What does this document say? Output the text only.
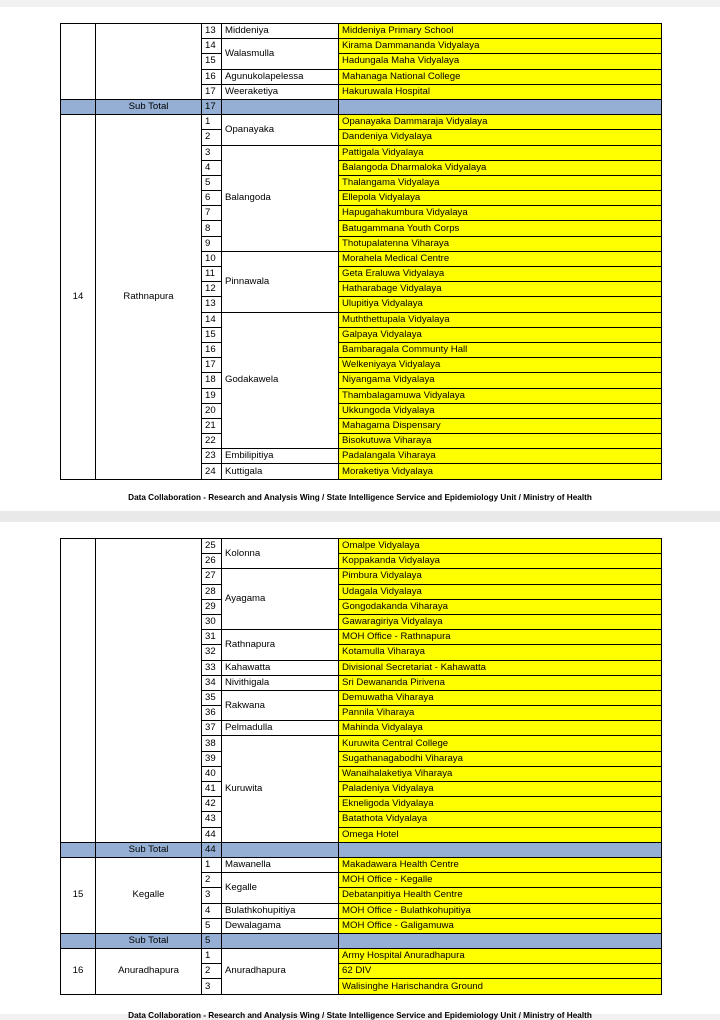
		13	Middeniya	Middeniya Primary School
		14	Walasmulla	Kirama Dammananda Vidyalaya
		15		Hadungala Maha Vidyalaya
		16	Agunukolapelessa	Mahanaga National College
		17	Weeraketiya	Hakuruwala Hospital
	Sub Total	17		
14	Rathnapura	1	Opanayaka	Opanayaka Dammaraja Vidyalaya
		2		Dandeniya Vidyalaya
		3	Balangoda	Pattigala Vidyalaya
		4		Balangoda Dharmaloka Vidyalaya
		5		Thalangama Vidyalaya
		6		Ellepola Vidyalaya
		7		Hapugahakumbura Vidyalaya
		8		Batugammana Youth Corps
		9		Thotupalatenna Viharaya
		10	Pinnawala	Morahela Medical Centre
		11		Geta Eraluwa Vidyalaya
		12		Hatharabage Vidyalaya
		13		Ulupitiya Vidyalaya
		14	Godakawela	Muththettupala Vidyalaya
		15		Galpaya Vidyalaya
		16		Bambaragala Communty Hall
		17		Welkeniyaya Vidyalaya
		18		Niyangama Vidyalaya
		19		Thambalagamuwa Vidyalaya
		20		Ukkungoda Vidyalaya
		21		Mahagama Dispensary
		22		Bisokutuwa Viharaya
		23	Embilipitiya	Padalangala Viharaya
		24	Kuttigala	Moraketiya Vidyalaya
Data Collaboration - Research and Analysis Wing / State Intelligence Service and Epidemiology Unit / Ministry of Health
		25	Kolonna	Omalpe Vidyalaya
		26		Koppakanda Vidyalaya
		27	Ayagama	Pimbura Vidyalaya
		28		Udagala Vidyalaya
		29		Gongodakanda Viharaya
		30		Gawaragiriya Vidyalaya
		31	Rathnapura	MOH Office - Rathnapura
		32		Kotamulla Viharaya
		33	Kahawatta	Divisional Secretariat - Kahawatta
		34	Nivithigala	Sri Dewananda Pirivena
		35	Rakwana	Demuwatha Viharaya
		36		Pannila Viharaya
		37	Pelmadulla	Mahinda Vidyalaya
		38	Kuruwita	Kuruwita Central College
		39		Sugathanagabodhi Viharaya
		40		Wanaihalaketiya Viharaya
		41		Paladeniya Vidyalaya
		42		Ekneligoda Vidyalaya
		43		Batathota Vidyalaya
		44		Omega Hotel
	Sub Total	44		
15	Kegalle	1	Mawanella	Makadawara Health Centre
		2	Kegalle	MOH Office - Kegalle
		3		Debatanpitiya Health Centre
		4	Bulathkohupitiya	MOH Office - Bulathkohupitiya
		5	Dewalagama	MOH Office - Galigamuwa
	Sub Total	5		
16	Anuradhapura	1	Anuradhapura	Army Hospital Anuradhapura
		2		62 DIV
		3		Walisinghe Harischandra Ground
Data Collaboration - Research and Analysis Wing / State Intelligence Service and Epidemiology Unit / Ministry of Health
